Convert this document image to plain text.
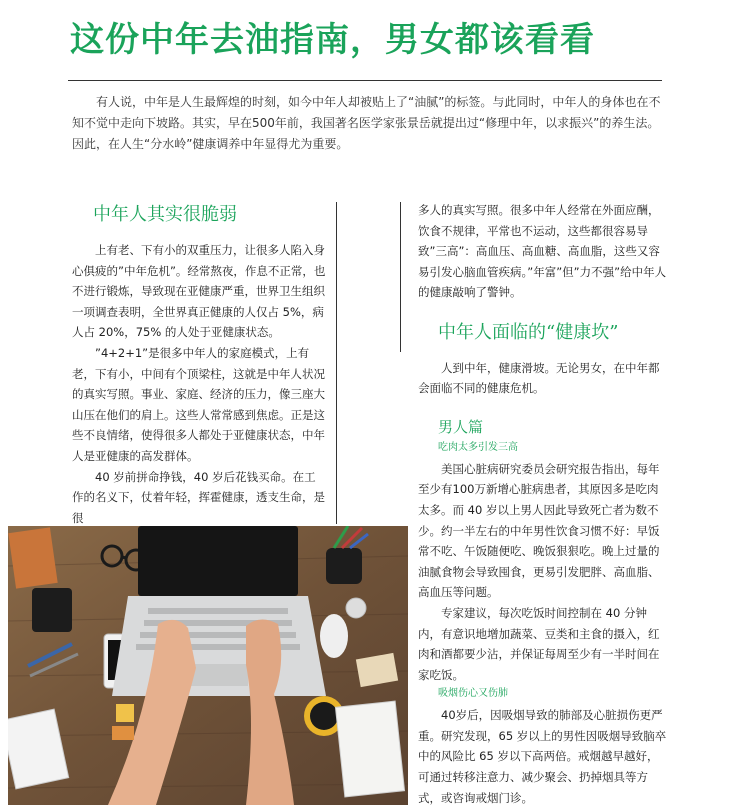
这份中年去油指南，男女都该看看

有人说，中年是人生最辉煌的时刻，如今中年人却被贴上了“油腻”的标签。与此同时，中年人的身体也在不知不觉中走向下坡路。其实，早在500年前，我国著名医学家张景岳就提出过“修理中年，以求振兴”的养生法。因此，在人生“分水岭”健康调养中年显得尤为重要。

中年人其实很脆弱

上有老、下有小的双重压力，让很多人陷入身心俱疲的”中年危机”。经常熬夜，作息不正常，也不进行锻炼，导致现在亚健康严重，世界卫生组织一项调查表明，全世界真正健康的人仅占 5%，病人占 20%，75% 的人处于亚健康状态。

”4+2+1”是很多中年人的家庭模式，上有老，下有小，中间有个顶梁柱，这就是中年人状况的真实写照。事业、家庭、经济的压力，像三座大山压在他们的肩上。这些人常常感到焦虑。正是这些不良情绪，使得很多人都处于亚健康状态，中年人是亚健康的高发群体。

40 岁前拼命挣钱，40 岁后花钱买命。在工作的名义下，仗着年轻，挥霍健康，透支生命，是很

多人的真实写照。很多中年人经常在外面应酬，饮食不规律，平常也不运动，这些都很容易导致”三高”：高血压、高血糖、高血脂，这些又容易引发心脑血管疾病。”年富”但”力不强”给中年人的健康敲响了警钟。

中年人面临的“健康坎”

人到中年，健康滑坡。无论男女，在中年都会面临不同的健康危机。

男人篇
吃肉太多引发三高

美国心脏病研究委员会研究报告指出，每年至少有100万新增心脏病患者，其原因多是吃肉太多。而 40 岁以上男人因此导致死亡者为数不少。约一半左右的中年男性饮食习惯不好：早饭常不吃、午饭随便吃、晚饭狠狠吃。晚上过量的油腻食物会导致囤食，更易引发肥胖、高血脂、高血压等问题。

专家建议，每次吃饭时间控制在 40 分钟内，有意识地增加蔬菜、豆类和主食的摄入，红肉和酒都要少沾，并保证每周至少有一半时间在家吃饭。

吸烟伤心又伤肺

40岁后，因吸烟导致的肺部及心脏损伤更严重。研究发现，65 岁以上的男性因吸烟导致脑卒中的风险比 65 岁以下高两倍。戒烟越早越好，可通过转移注意力、减少聚会、扔掉烟具等方式，或咨询戒烟门诊。
